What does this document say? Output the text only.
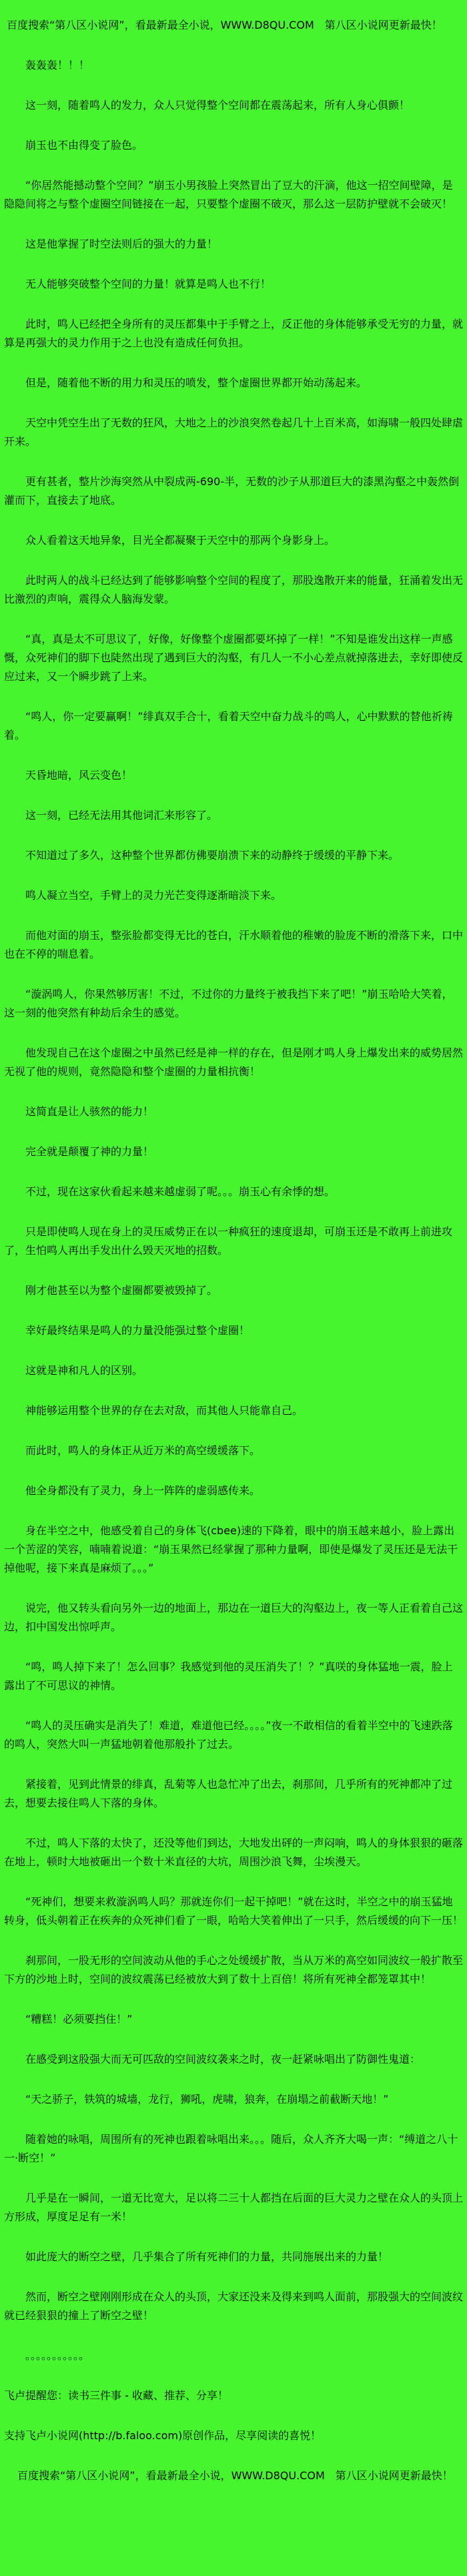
百度搜索“第八区小说网”，看最新最全小说，WWW.D8QU.COM　第八区小说网更新最快！

轰轰轰！！！

这一刻，随着鸣人的发力，众人只觉得整个空间都在震荡起来，所有人身心俱颤！

崩玉也不由得变了脸色。

“你居然能撼动整个空间？”崩玉小男孩脸上突然冒出了豆大的汗滴，他这一招空间壁障，是隐隐间将之与整个虚圈空间链接在一起，只要整个虚圈不破灭，那么这一层防护壁就不会破灭！

这是他掌握了时空法则后的强大的力量！

无人能够突破整个空间的力量！就算是鸣人也不行！

此时，鸣人已经把全身所有的灵压都集中于手臂之上，反正他的身体能够承受无穷的力量，就算是再强大的灵力作用于之上也没有造成任何负担。

但是，随着他不断的用力和灵压的喷发，整个虚圈世界都开始动荡起来。

天空中凭空生出了无数的狂风，大地之上的沙浪突然卷起几十上百米高，如海啸一般四处肆虐开来。

更有甚者，整片沙海突然从中裂成两-690-半，无数的沙子从那道巨大的漆黑沟壑之中轰然倒灌而下，直接去了地底。

众人看着这天地异象，目光全都凝聚于天空中的那两个身影身上。

此时两人的战斗已经达到了能够影响整个空间的程度了，那股逸散开来的能量，狂涌着发出无比激烈的声响，震得众人脑海发蒙。

“真，真是太不可思议了，好像，好像整个虚圈都要坏掉了一样！”不知是谁发出这样一声感慨，众死神们的脚下也陡然出现了遇到巨大的沟壑，有几人一不小心差点就掉落进去，幸好即使反应过来，又一个瞬步跳了上来。

“鸣人，你一定要赢啊！”绯真双手合十，看着天空中奋力战斗的鸣人，心中默默的替他祈祷着。

天昏地暗，风云变色！

这一刻，已经无法用其他词汇来形容了。

不知道过了多久，这种整个世界都仿佛要崩溃下来的动静终于缓缓的平静下来。

鸣人凝立当空，手臂上的灵力光芒变得逐渐暗淡下来。

而他对面的崩玉，整张脸都变得无比的苍白，汗水顺着他的稚嫩的脸庞不断的滑落下来，口中也在不停的喘息着。

“漩涡鸣人，你果然够厉害！不过，不过你的力量终于被我挡下来了吧！”崩玉哈哈大笑着，这一刻的他突然有种劫后余生的感觉。

他发现自己在这个虚圈之中虽然已经是神一样的存在，但是刚才鸣人身上爆发出来的威势居然无视了他的规则，竟然隐隐和整个虚圈的力量相抗衡！

这简直是让人骇然的能力！

完全就是颠覆了神的力量！

不过，现在这家伙看起来越来越虚弱了呢。。。崩玉心有余悸的想。

只是即使鸣人现在身上的灵压威势正在以一种疯狂的速度退却，可崩玉还是不敢再上前进攻了，生怕鸣人再出手发出什么毁天灭地的招数。

刚才他甚至以为整个虚圈都要被毁掉了。

幸好最终结果是鸣人的力量没能强过整个虚圈！

这就是神和凡人的区别。

神能够运用整个世界的存在去对敌，而其他人只能靠自己。

而此时，鸣人的身体正从近万米的高空缓缓落下。

他全身都没有了灵力，身上一阵阵的虚弱感传来。

身在半空之中，他感受着自己的身体飞(cbee)速的下降着，眼中的崩玉越来越小，脸上露出一个苦涩的笑容，喃喃着说道：“崩玉果然已经掌握了那种力量啊，即使是爆发了灵压还是无法干掉他呢，接下来真是麻烦了。。。”

说完，他又转头看向另外一边的地面上，那边在一道巨大的沟壑边上，夜一等人正看着自己这边，扣中国发出惊呼声。

“鸣，鸣人掉下来了！怎么回事？我感觉到他的灵压消失了！？”真咲的身体猛地一震，脸上露出了不可思议的神情。

“鸣人的灵压确实是消失了！难道，难道他已经。。。。”夜一不敢相信的看着半空中的飞速跌落的鸣人，突然大叫一声猛地朝着他那般扑了过去。

紧接着，见到此情景的绯真，乱菊等人也急忙冲了出去，刹那间，几乎所有的死神都冲了过去，想要去接住鸣人下落的身体。

不过，鸣人下落的太快了，还没等他们到达，大地发出砰的一声闷响，鸣人的身体狠狠的砸落在地上，顿时大地被砸出一个数十米直径的大坑，周围沙浪飞舞，尘埃漫天。

“死神们，想要来救漩涡鸣人吗？那就连你们一起干掉吧！”就在这时，半空之中的崩玉猛地转身，低头朝着正在疾奔的众死神们看了一眼，哈哈大笑着伸出了一只手，然后缓缓的向下一压！

刹那间，一股无形的空间波动从他的手心之处缓缓扩散，当从万米的高空如同波纹一般扩散至下方的沙地上时，空间的波纹震荡已经被放大到了数十上百倍！将所有死神全都笼罩其中！

“糟糕！必须要挡住！”

在感受到这股强大而无可匹敌的空间波纹袭来之时，夜一赶紧咏唱出了防御性鬼道：

“天之骄子，铁筑的城墙，龙行，狮吼，虎啸，狼奔，在崩塌之前截断天地！”

随着她的咏唱，周围所有的死神也跟着咏唱出来。。。随后，众人齐齐大喝一声：“缚道之八十一·断空！”

几乎是在一瞬间，一道无比宽大，足以将二三十人都挡在后面的巨大灵力之壁在众人的头顶上方形成，厚度足足有一米！

如此庞大的断空之壁，几乎集合了所有死神们的力量，共同施展出来的力量！

然而，断空之壁刚刚形成在众人的头顶，大家还没来及得来到鸣人面前，那股强大的空间波纹就已经狠狠的撞上了断空之壁！

。。。。。。。。。。。

飞卢提醒您：读书三件事 - 收藏、推荐、分享！

支持飞卢小说网(http://b.faloo.com)原创作品，尽享阅读的喜悦！

百度搜索“第八区小说网”，看最新最全小说，WWW.D8QU.COM　第八区小说网更新最快！
